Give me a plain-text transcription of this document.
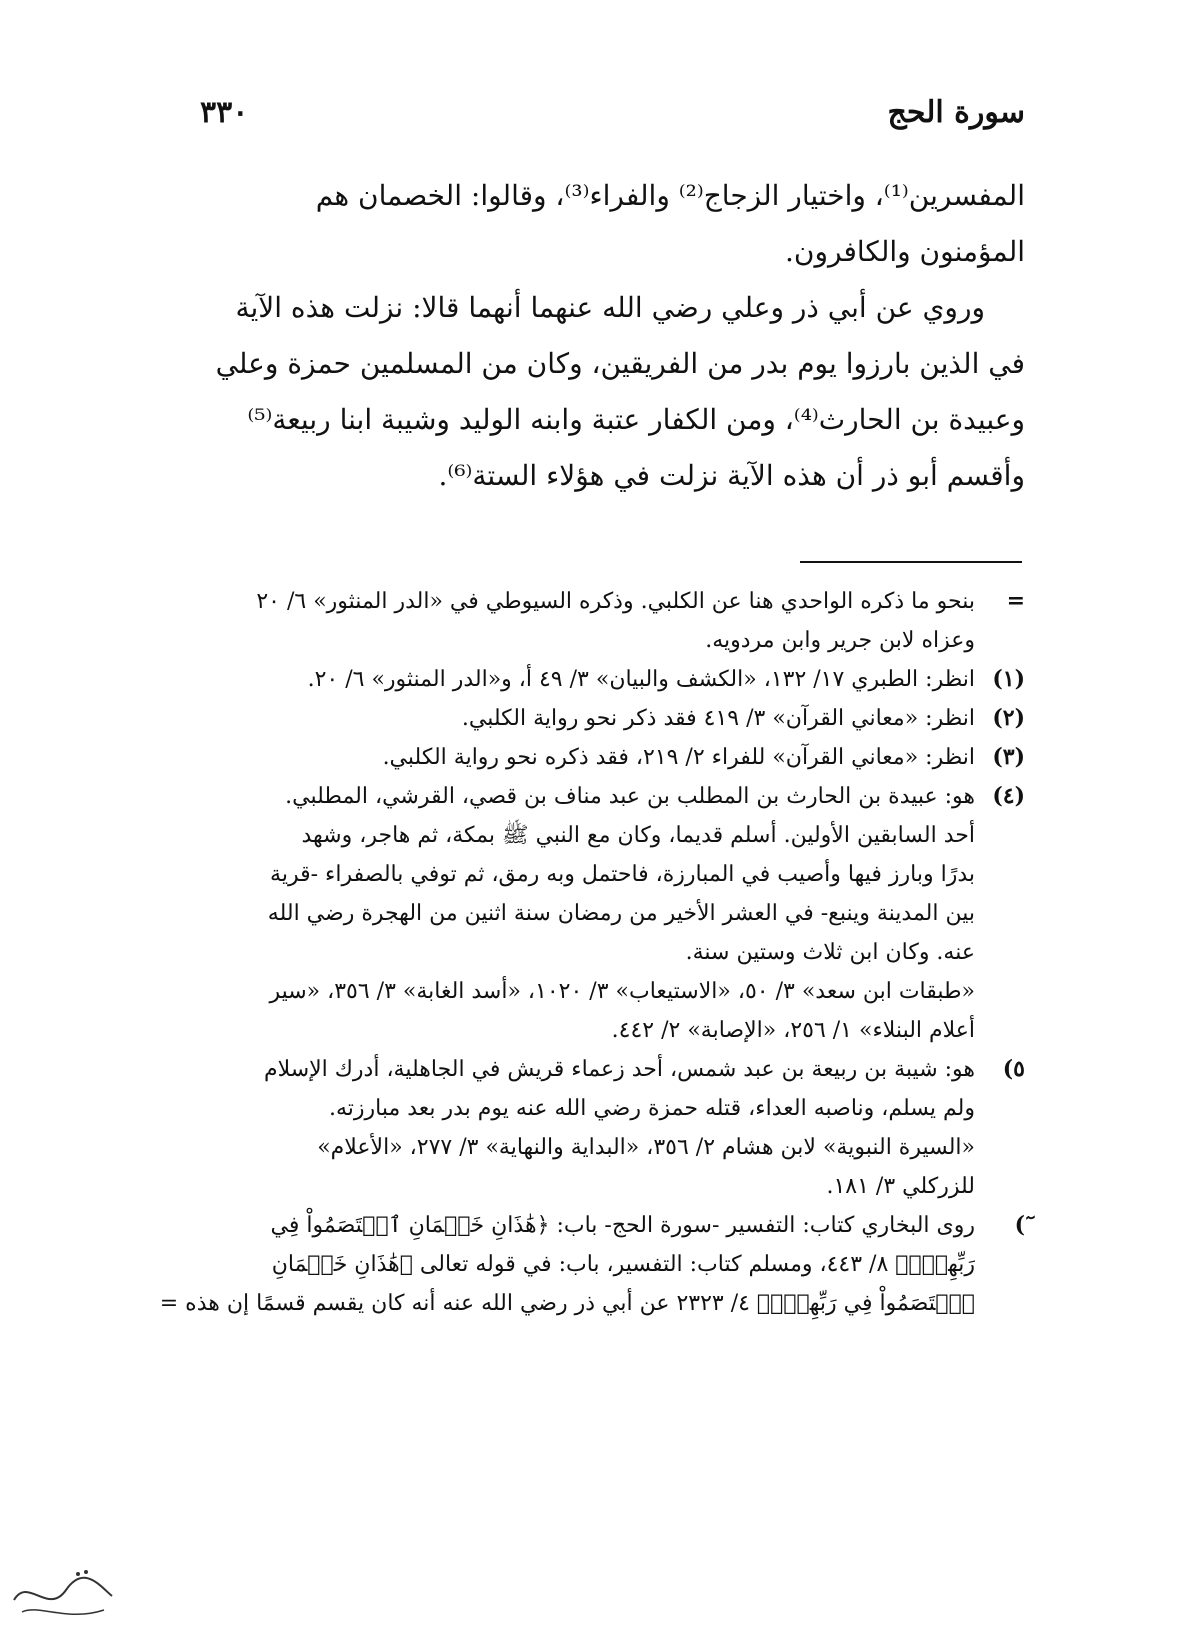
٣٣٠	سورة الحج

المفسرين⁽¹⁾، واختيار الزجاج⁽²⁾ والفراء⁽³⁾، وقالوا: الخصمان هم
المؤمنون والكافرون.

وروي عن أبي ذر وعلي رضي الله عنهما أنهما قالا: نزلت هذه الآية
في الذين بارزوا يوم بدر من الفريقين، وكان من المسلمين حمزة وعلي
وعبيدة بن الحارث⁽⁴⁾، ومن الكفار عتبة وابنه الوليد وشيبة ابنا ربيعة⁽⁵⁾
وأقسم أبو ذر أن هذه الآية نزلت في هؤلاء الستة⁽⁶⁾.

=
بنحو ما ذكره الواحدي هنا عن الكلبي. وذكره السيوطي في «الدر المنثور» ٦/ ٢٠
وعزاه لابن جرير وابن مردويه.
(١)
انظر: الطبري ١٧/ ١٣٢، «الكشف والبيان» ٣/ ٤٩ أ، و«الدر المنثور» ٦/ ٢٠.
(٢)
انظر: «معاني القرآن» ٣/ ٤١٩ فقد ذكر نحو رواية الكلبي.
(٣)
انظر: «معاني القرآن» للفراء ٢/ ٢١٩، فقد ذكره نحو رواية الكلبي.
(٤)
هو: عبيدة بن الحارث بن المطلب بن عبد مناف بن قصي، القرشي، المطلبي.
أحد السابقين الأولين. أسلم قديما، وكان مع النبي ﷺ بمكة، ثم هاجر، وشهد
بدرًا وبارز فيها وأصيب في المبارزة، فاحتمل وبه رمق، ثم توفي بالصفراء -قرية
بين المدينة وينبع- في العشر الأخير من رمضان سنة اثنين من الهجرة رضي الله
عنه. وكان ابن ثلاث وستين سنة.
«طبقات ابن سعد» ٣/ ٥٠، «الاستيعاب» ٣/ ١٠٢٠، «أسد الغابة» ٣/ ٣٥٦، «سير
أعلام البنلاء» ١/ ٢٥٦، «الإصابة» ٢/ ٤٤٢.
٥)
هو: شيبة بن ربيعة بن عبد شمس، أحد زعماء قريش في الجاهلية، أدرك الإسلام
ولم يسلم، وناصبه العداء، قتله حمزة رضي الله عنه يوم بدر بعد مبارزته.
«السيرة النبوية» لابن هشام ٢/ ٣٥٦، «البداية والنهاية» ٣/ ٢٧٧، «الأعلام»
للزركلي ٣/ ١٨١.
ٓ)
روى البخاري كتاب: التفسير -سورة الحج- باب: ﴿هَٰذَانِ خَصۡمَانِ ٱخۡتَصَمُواْ فِي
رَبِّهِمۡۖ﴾ ٨/ ٤٤٣، ومسلم كتاب: التفسير، باب: في قوله تعالى ﴿هَٰذَانِ خَصۡمَانِ
ٱخۡتَصَمُواْ فِي رَبِّهِمۡۖ﴾ ٤/ ٢٣٢٣ عن أبي ذر رضي الله عنه أنه كان يقسم قسمًا إن هذه =
